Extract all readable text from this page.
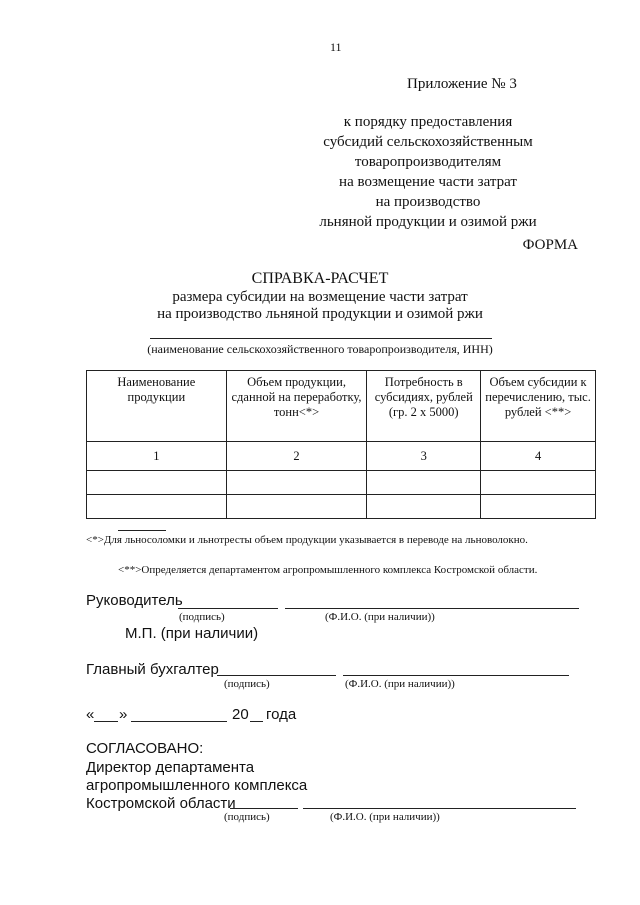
11
Приложение № 3
к порядку предоставления
субсидий сельскохозяйственным
товаропроизводителям
на возмещение части затрат
на производство
льняной продукции и озимой ржи
ФОРМА
СПРАВКА-РАСЧЕТ
размера субсидии на возмещение части затрат
на производство льняной продукции и озимой ржи
(наименование сельскохозяйственного товаропроизводителя, ИНН)
Наименование продукции	Объем продукции, сданной на переработку, тонн<*>	Потребность в субсидиях, рублей (гр. 2 х 5000)	Объем субсидии к перечислению, тыс. рублей <**>
1	2	3	4

<*>Для льносоломки и льнотресты объем продукции указывается в переводе на льноволокно.
<**>Определяется департаментом агропромышленного комплекса Костромской области.
Руководитель
(подпись)	(Ф.И.О. (при наличии))
М.П. (при наличии)
Главный бухгалтер
(подпись)	(Ф.И.О. (при наличии))
« »	20 года
СОГЛАСОВАНО:
Директор департамента
агропромышленного комплекса
Костромской области
(подпись)	(Ф.И.О. (при наличии))
